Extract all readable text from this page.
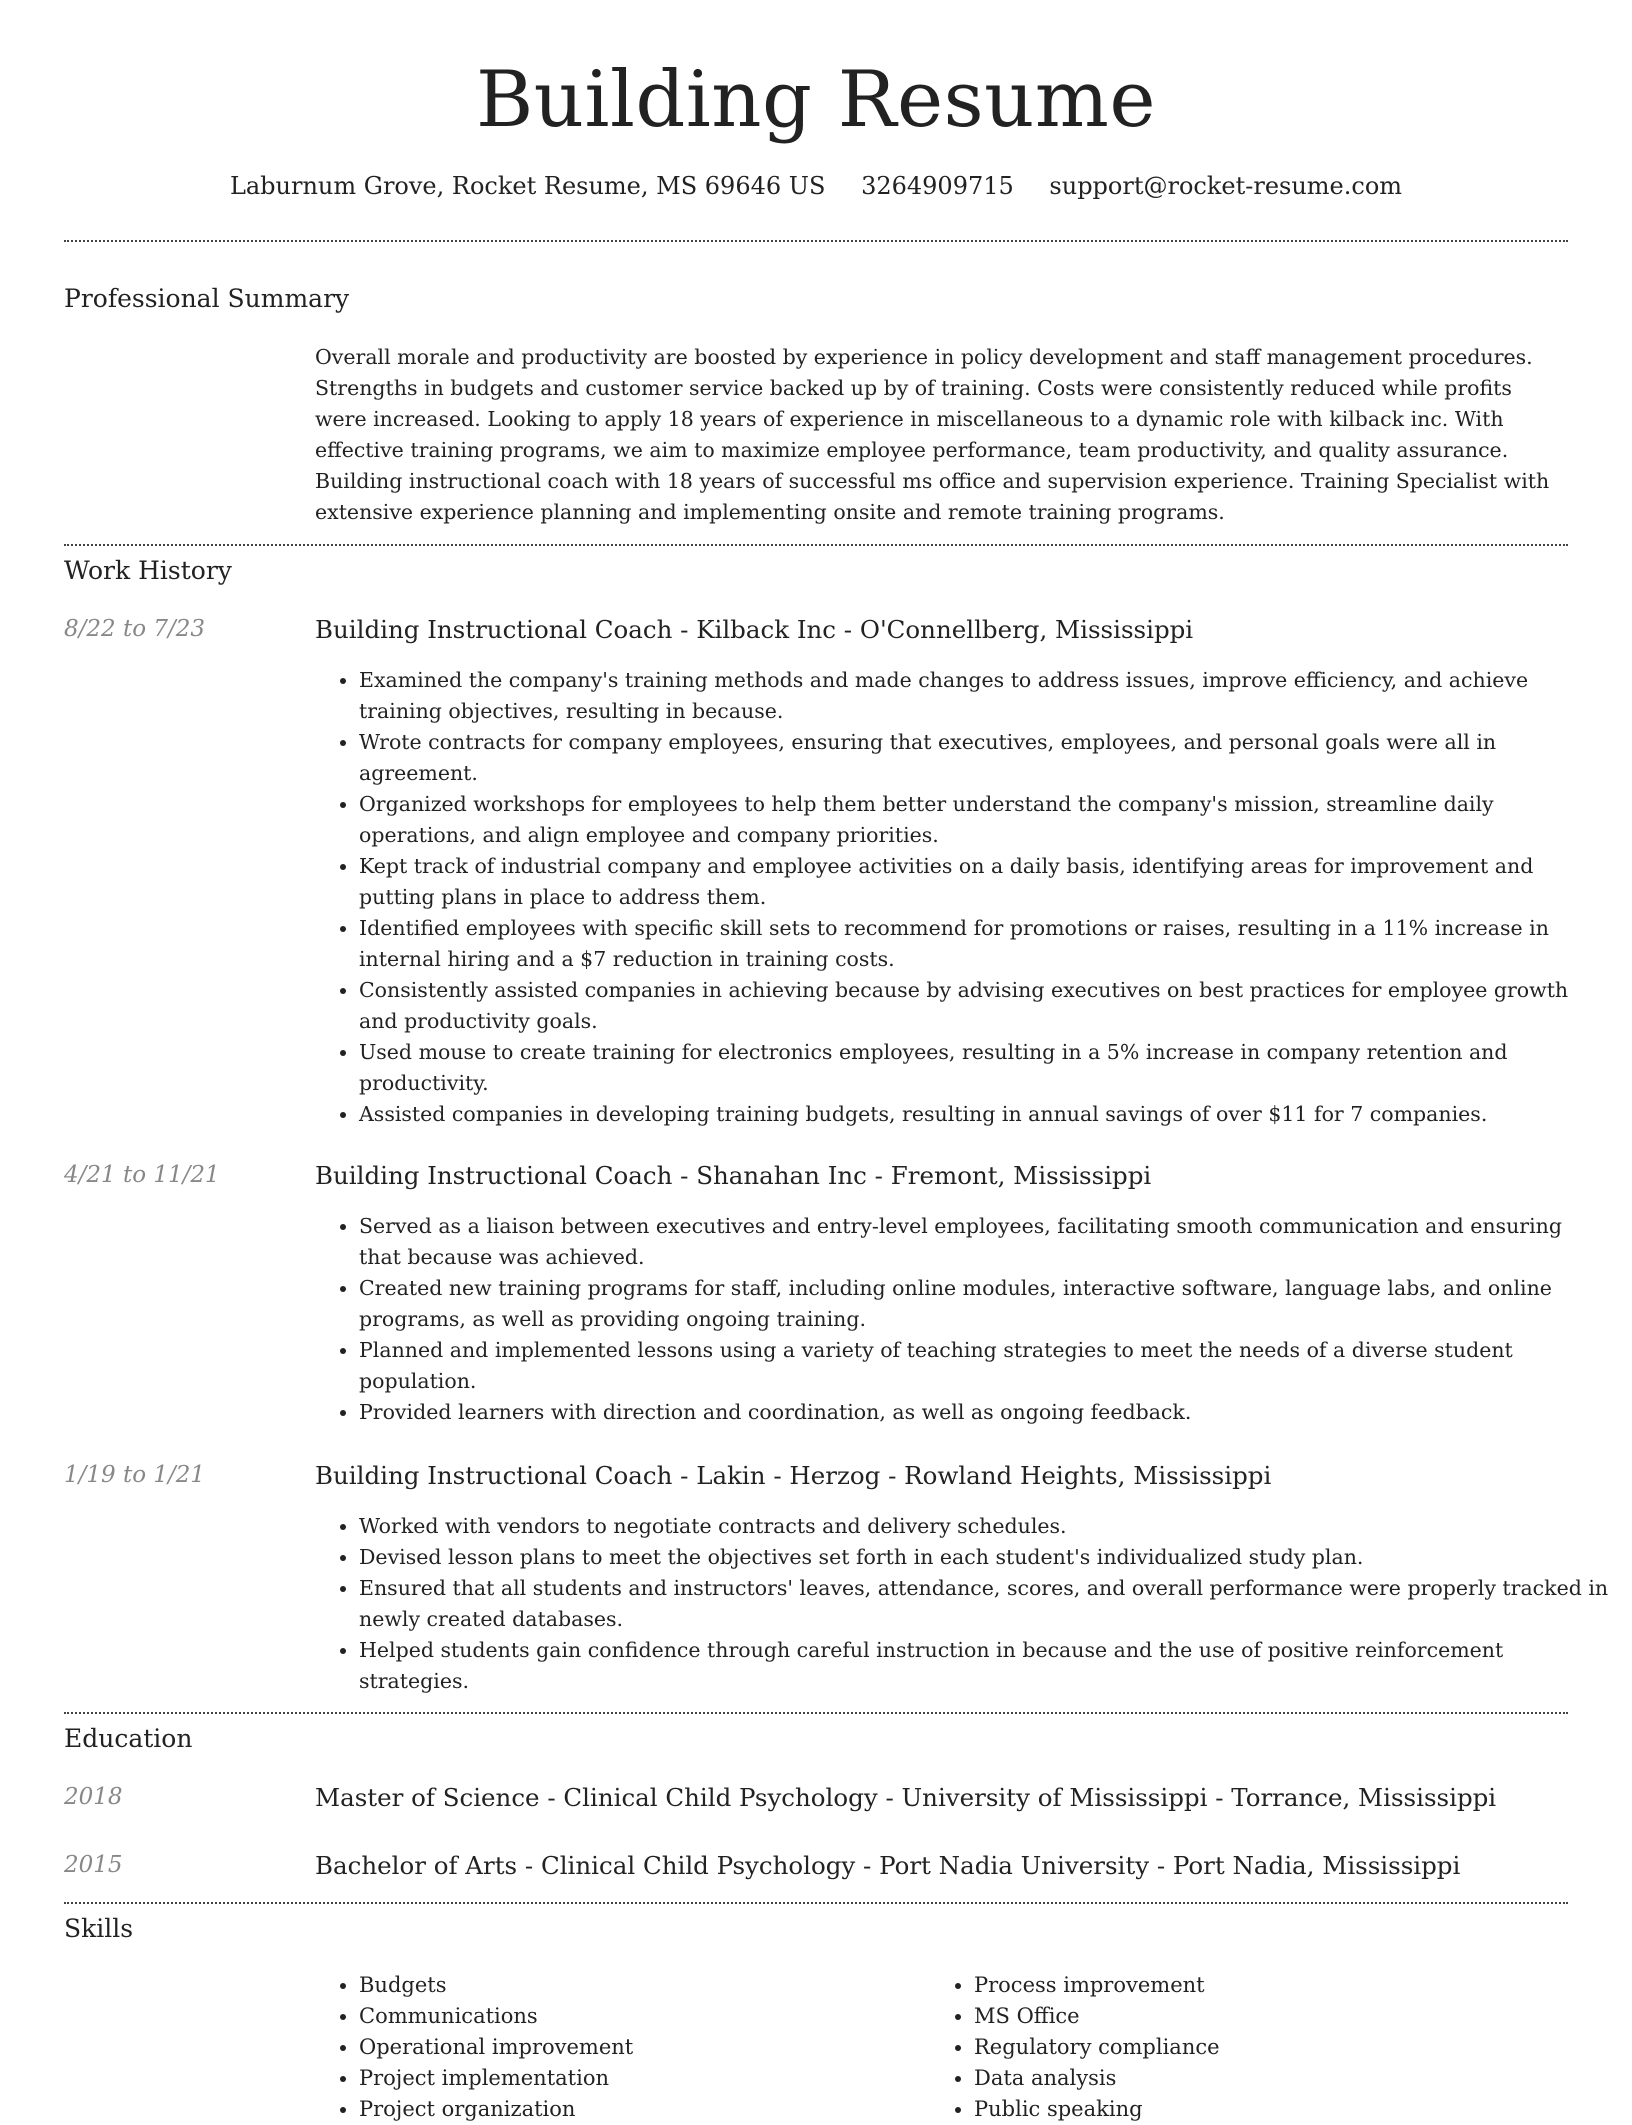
Building Resume
Laburnum Grove, Rocket Resume, MS 69646 US 3264909715 support@rocket-resume.com
Professional Summary

Overall morale and productivity are boosted by experience in policy development and staff management procedures. Strengths in budgets and customer service backed up by of training. Costs were consistently reduced while profits were increased. Looking to apply 18 years of experience in miscellaneous to a dynamic role with kilback inc. With effective training programs, we aim to maximize employee performance, team productivity, and quality assurance. Building instructional coach with 18 years of successful ms office and supervision experience. Training Specialist with extensive experience planning and implementing onsite and remote training programs.

Work History
8/22 to 7/23	Building Instructional Coach - Kilback Inc - O'Connellberg, Mississippi
• Examined the company's training methods and made changes to address issues, improve efficiency, and achieve training objectives, resulting in because.
• Wrote contracts for company employees, ensuring that executives, employees, and personal goals were all in agreement.
• Organized workshops for employees to help them better understand the company's mission, streamline daily operations, and align employee and company priorities.
• Kept track of industrial company and employee activities on a daily basis, identifying areas for improvement and putting plans in place to address them.
• Identified employees with specific skill sets to recommend for promotions or raises, resulting in a 11% increase in internal hiring and a $7 reduction in training costs.
• Consistently assisted companies in achieving because by advising executives on best practices for employee growth and productivity goals.
• Used mouse to create training for electronics employees, resulting in a 5% increase in company retention and productivity.
• Assisted companies in developing training budgets, resulting in annual savings of over $11 for 7 companies.
4/21 to 11/21	Building Instructional Coach - Shanahan Inc - Fremont, Mississippi
• Served as a liaison between executives and entry-level employees, facilitating smooth communication and ensuring that because was achieved.
• Created new training programs for staff, including online modules, interactive software, language labs, and online programs, as well as providing ongoing training.
• Planned and implemented lessons using a variety of teaching strategies to meet the needs of a diverse student population.
• Provided learners with direction and coordination, as well as ongoing feedback.
1/19 to 1/21	Building Instructional Coach - Lakin - Herzog - Rowland Heights, Mississippi
• Worked with vendors to negotiate contracts and delivery schedules.
• Devised lesson plans to meet the objectives set forth in each student's individualized study plan.
• Ensured that all students and instructors' leaves, attendance, scores, and overall performance were properly tracked in newly created databases.
• Helped students gain confidence through careful instruction in because and the use of positive reinforcement strategies.
Education
2018	Master of Science - Clinical Child Psychology - University of Mississippi - Torrance, Mississippi
2015	Bachelor of Arts - Clinical Child Psychology - Port Nadia University - Port Nadia, Mississippi
Skills
• Budgets
• Communications
• Operational improvement
• Project implementation
• Project organization
• Process improvement
• MS Office
• Regulatory compliance
• Data analysis
• Public speaking
